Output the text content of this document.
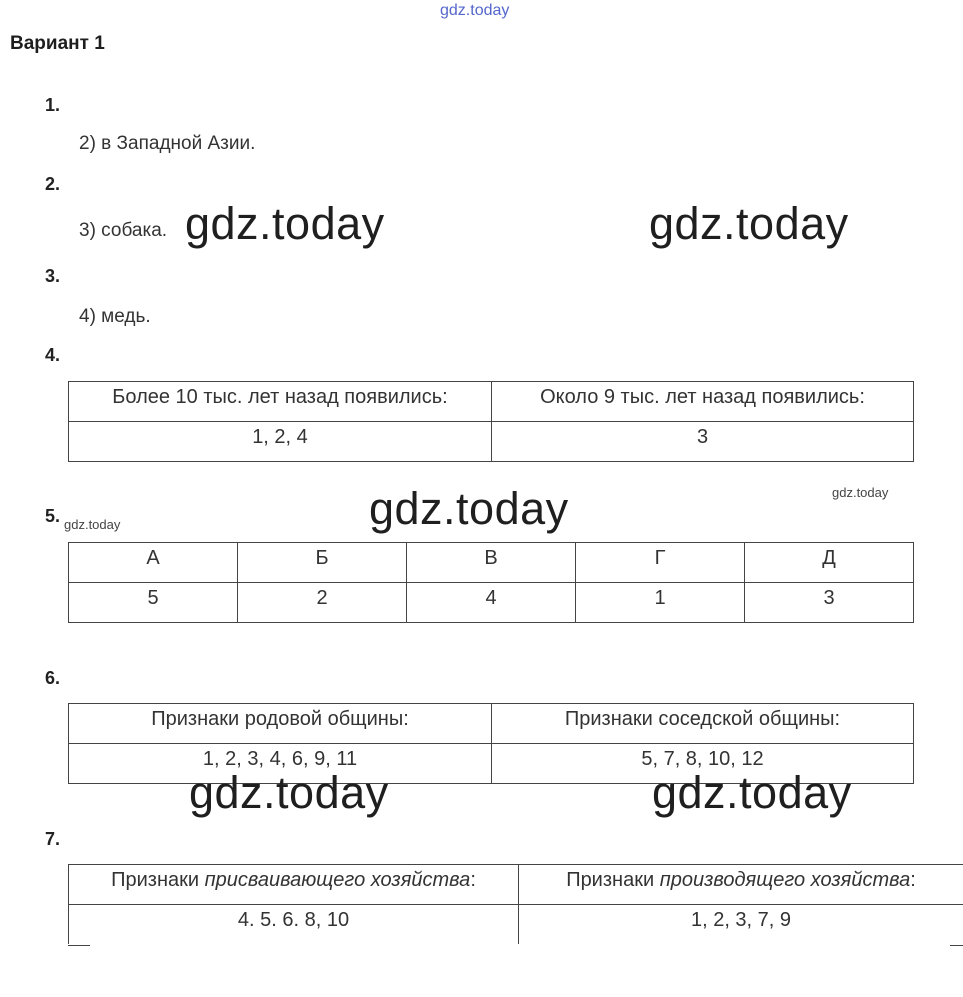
gdz.today
Вариант 1
1.
2) в Западной Азии.
2.
3) собака.
3.
4) медь.
4.
Более 10 тыс. лет назад появились:	Около 9 тыс. лет назад появились:
1, 2, 4	3
5.
А	Б	В	Г	Д
5	2	4	1	3
6.
Признаки родовой общины:	Признаки соседской общины:
1, 2, 3, 4, 6, 9, 11	5, 7, 8, 10, 12
7.
Признаки присваивающего хозяйства:	Признаки производящего хозяйства:
4. 5. 6. 8, 10	1, 2, 3, 7, 9
gdz.today	gdz.today
gdz.today
gdz.today	gdz.today
gdz.today
gdz.today
